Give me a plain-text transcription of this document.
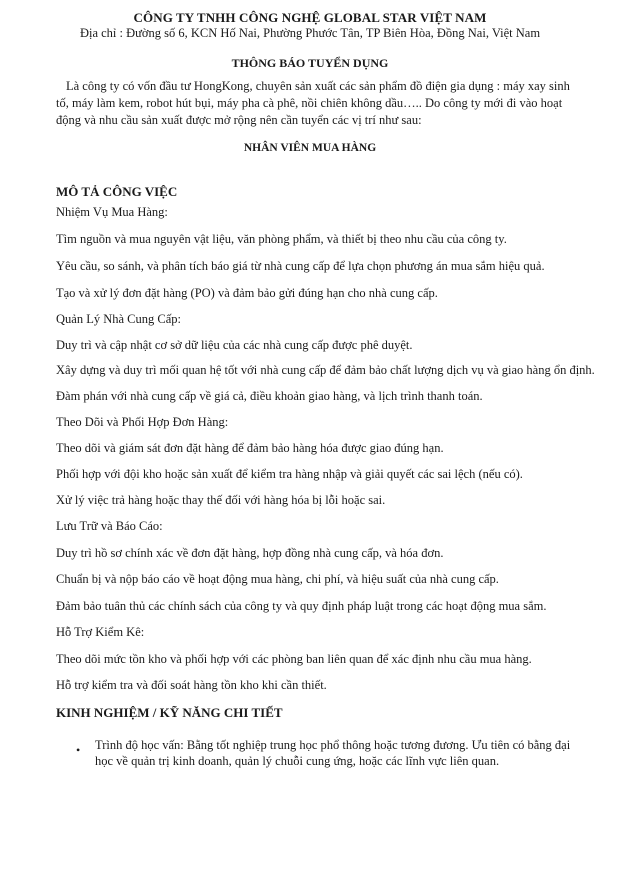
CÔNG TY TNHH CÔNG NGHỆ GLOBAL STAR VIỆT NAM
Địa chỉ : Đường số 6, KCN Hố Nai, Phường Phước Tân, TP Biên Hòa, Đồng Nai, Việt Nam
THÔNG BÁO TUYỂN DỤNG
Là công ty có vốn đầu tư HongKong, chuyên sản xuất các sản phẩm đồ điện gia dụng : máy xay sinh tố, máy làm kem, robot hút bụi, máy pha cà phê, nồi chiên không dầu….. Do công ty mới đi vào hoạt động và nhu cầu sản xuất được mở rộng nên cần tuyển các vị trí như sau:
NHÂN VIÊN MUA HÀNG
MÔ TẢ CÔNG VIỆC
Nhiệm Vụ Mua Hàng:
Tìm nguồn và mua nguyên vật liệu, văn phòng phẩm, và thiết bị theo nhu cầu của công ty.
Yêu cầu, so sánh, và phân tích báo giá từ nhà cung cấp để lựa chọn phương án mua sắm hiệu quả.
Tạo và xử lý đơn đặt hàng (PO) và đảm bảo gửi đúng hạn cho nhà cung cấp.
Quản Lý Nhà Cung Cấp:
Duy trì và cập nhật cơ sở dữ liệu của các nhà cung cấp được phê duyệt.
Xây dựng và duy trì mối quan hệ tốt với nhà cung cấp để đảm bảo chất lượng dịch vụ và giao hàng ổn định.
Đàm phán với nhà cung cấp về giá cả, điều khoản giao hàng, và lịch trình thanh toán.
Theo Dõi và Phối Hợp Đơn Hàng:
Theo dõi và giám sát đơn đặt hàng để đảm bảo hàng hóa được giao đúng hạn.
Phối hợp với đội kho hoặc sản xuất để kiểm tra hàng nhập và giải quyết các sai lệch (nếu có).
Xử lý việc trả hàng hoặc thay thế đối với hàng hóa bị lỗi hoặc sai.
Lưu Trữ và Báo Cáo:
Duy trì hồ sơ chính xác về đơn đặt hàng, hợp đồng nhà cung cấp, và hóa đơn.
Chuẩn bị và nộp báo cáo về hoạt động mua hàng, chi phí, và hiệu suất của nhà cung cấp.
Đảm bảo tuân thủ các chính sách của công ty và quy định pháp luật trong các hoạt động mua sắm.
Hỗ Trợ Kiểm Kê:
Theo dõi mức tồn kho và phối hợp với các phòng ban liên quan để xác định nhu cầu mua hàng.
Hỗ trợ kiểm tra và đối soát hàng tồn kho khi cần thiết.
KINH NGHIỆM / KỸ NĂNG CHI TIẾT
• Trình độ học vấn: Bằng tốt nghiệp trung học phổ thông hoặc tương đương. Ưu tiên có bằng đại học về quản trị kinh doanh, quản lý chuỗi cung ứng, hoặc các lĩnh vực liên quan.
